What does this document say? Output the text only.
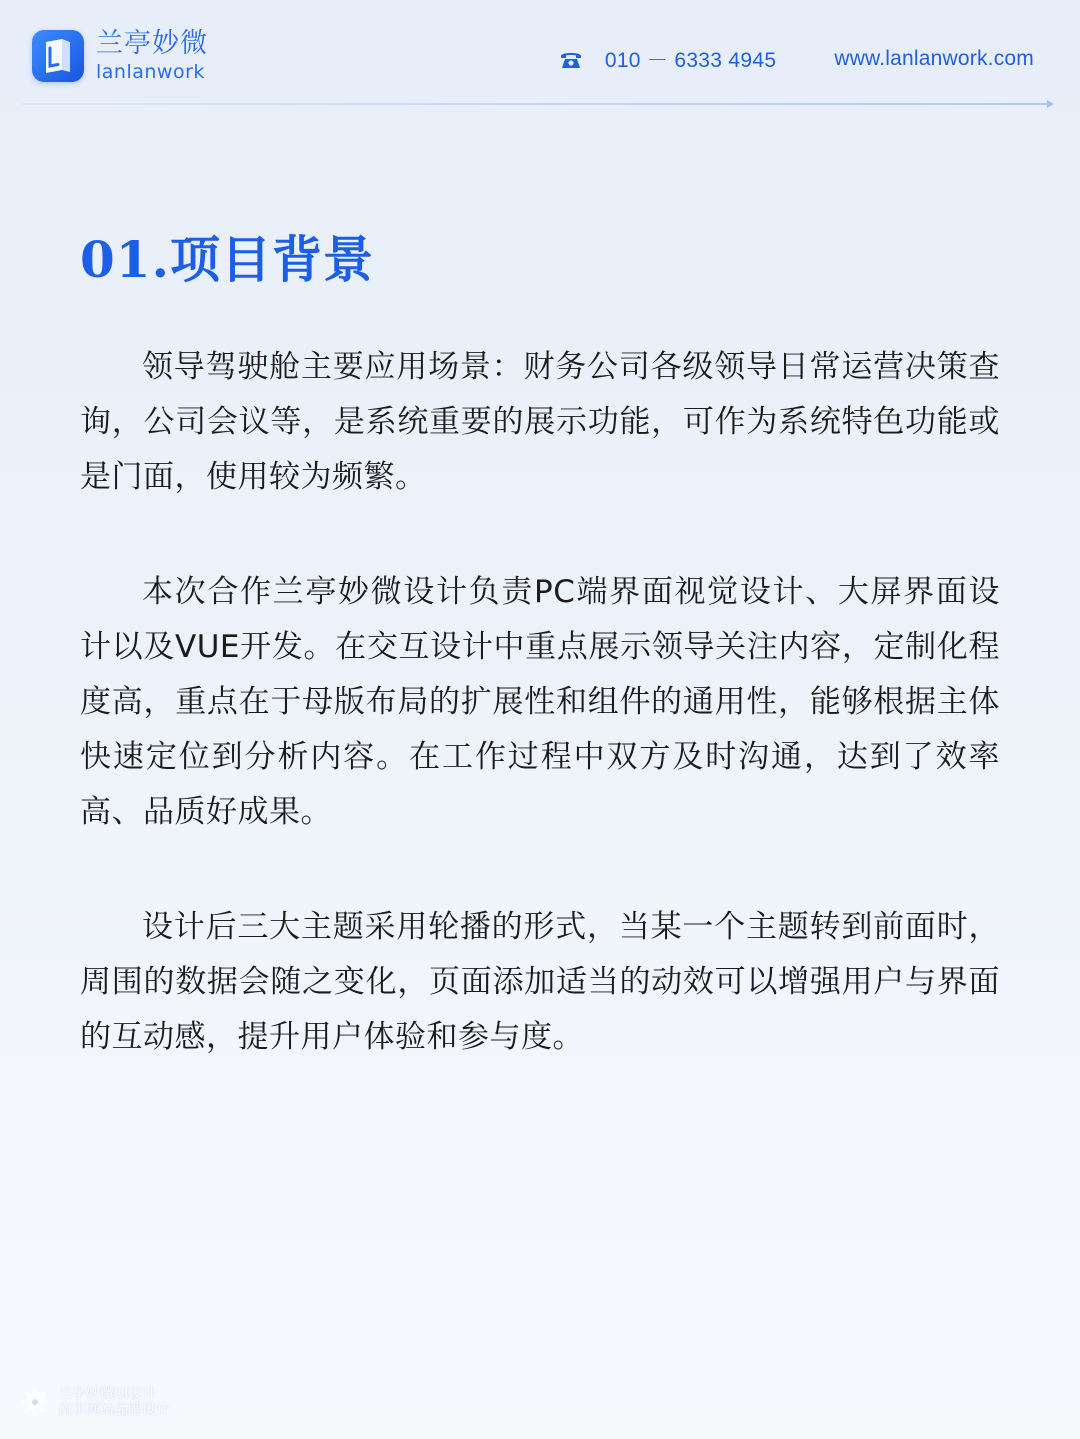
兰亭妙微
lanlanwork	010 － 6333 4945	www.lanlanwork.com
01.项目背景

领导驾驶舱主要应用场景：财务公司各级领导日常运营决策查询，公司会议等，是系统重要的展示功能，可作为系统特色功能或是门面，使用较为频繁。

本次合作兰亭妙微设计负责PC端界面视觉设计、大屏界面设计以及VUE开发。在交互设计中重点展示领导关注内容，定制化程度高，重点在于母版布局的扩展性和组件的通用性，能够根据主体快速定位到分析内容。在工作过程中双方及时沟通，达到了效率高、品质好成果。

设计后三大主题采用轮播的形式，当某一个主题转到前面时，周围的数据会随之变化，页面添加适当的动效可以增强用户与界面的互动感，提升用户体验和参与度。

兰亭妙微UI设计
南京网站品牌设计
